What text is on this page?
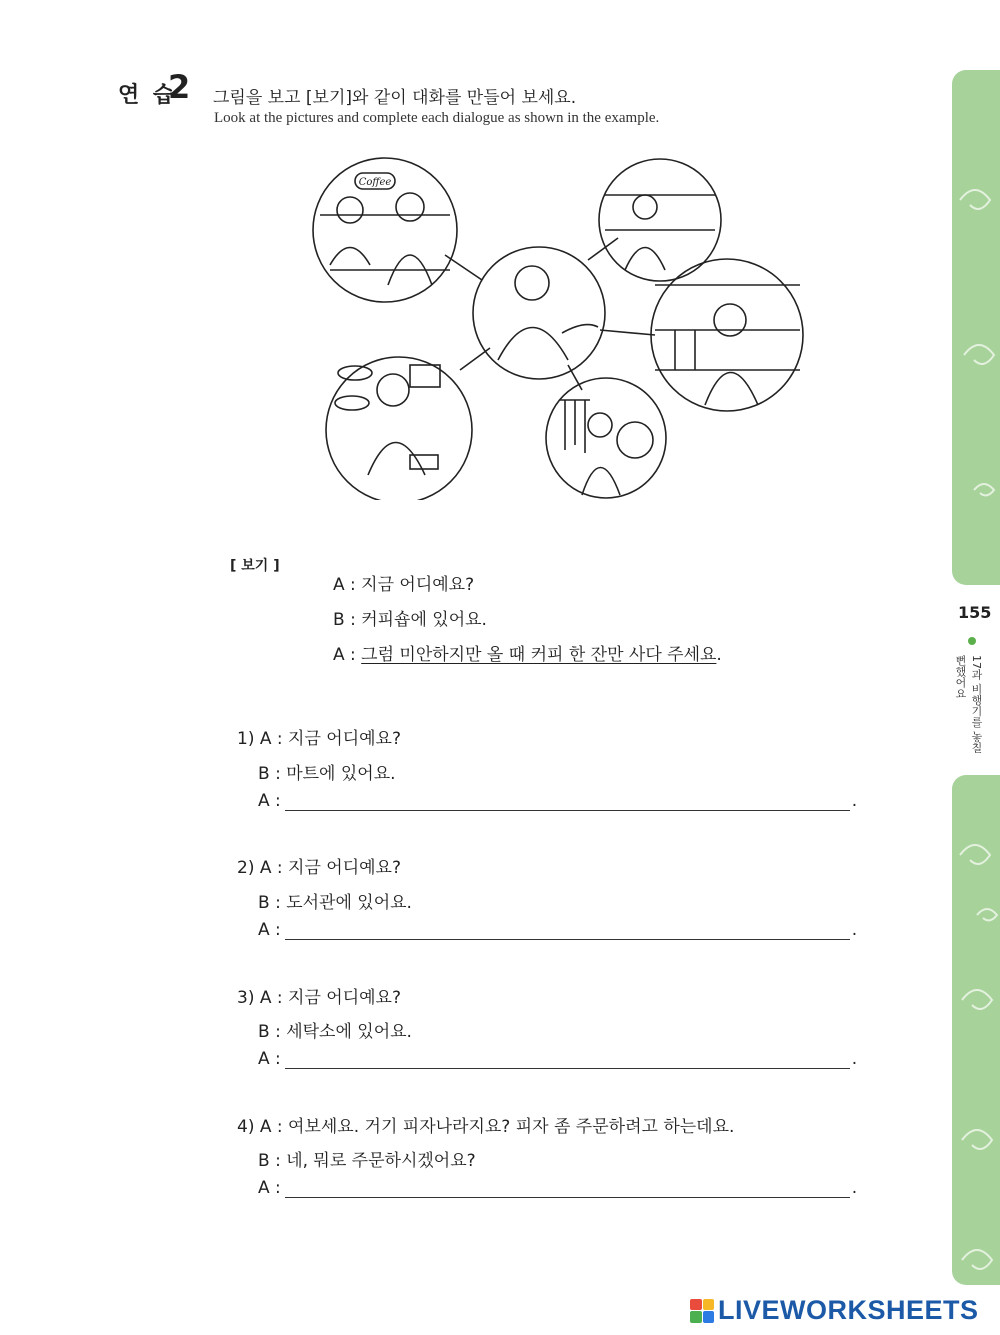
연 습
2 그림을 보고 [보기]와 같이 대화를 만들어 보세요.
Look at the pictures and complete each dialogue as shown in the example.
Coffee
[ 보기 ]
A : 지금 어디예요?
B : 커피숍에 있어요.
A : 그럼 미안하지만 올 때 커피 한 잔만 사다 주세요.
1) A : 지금 어디예요?
B : 마트에 있어요.
A :	.
2) A : 지금 어디예요?
B : 도서관에 있어요.
A :	.
3) A : 지금 어디예요?
B : 세탁소에 있어요.
A :	.
4) A : 여보세요. 거기 피자나라지요? 피자 좀 주문하려고 하는데요.
B : 네, 뭐로 주문하시겠어요?
A :	.
155
17과 비행기를 놓칠 뻔했어요
LIVEWORKSHEETS
